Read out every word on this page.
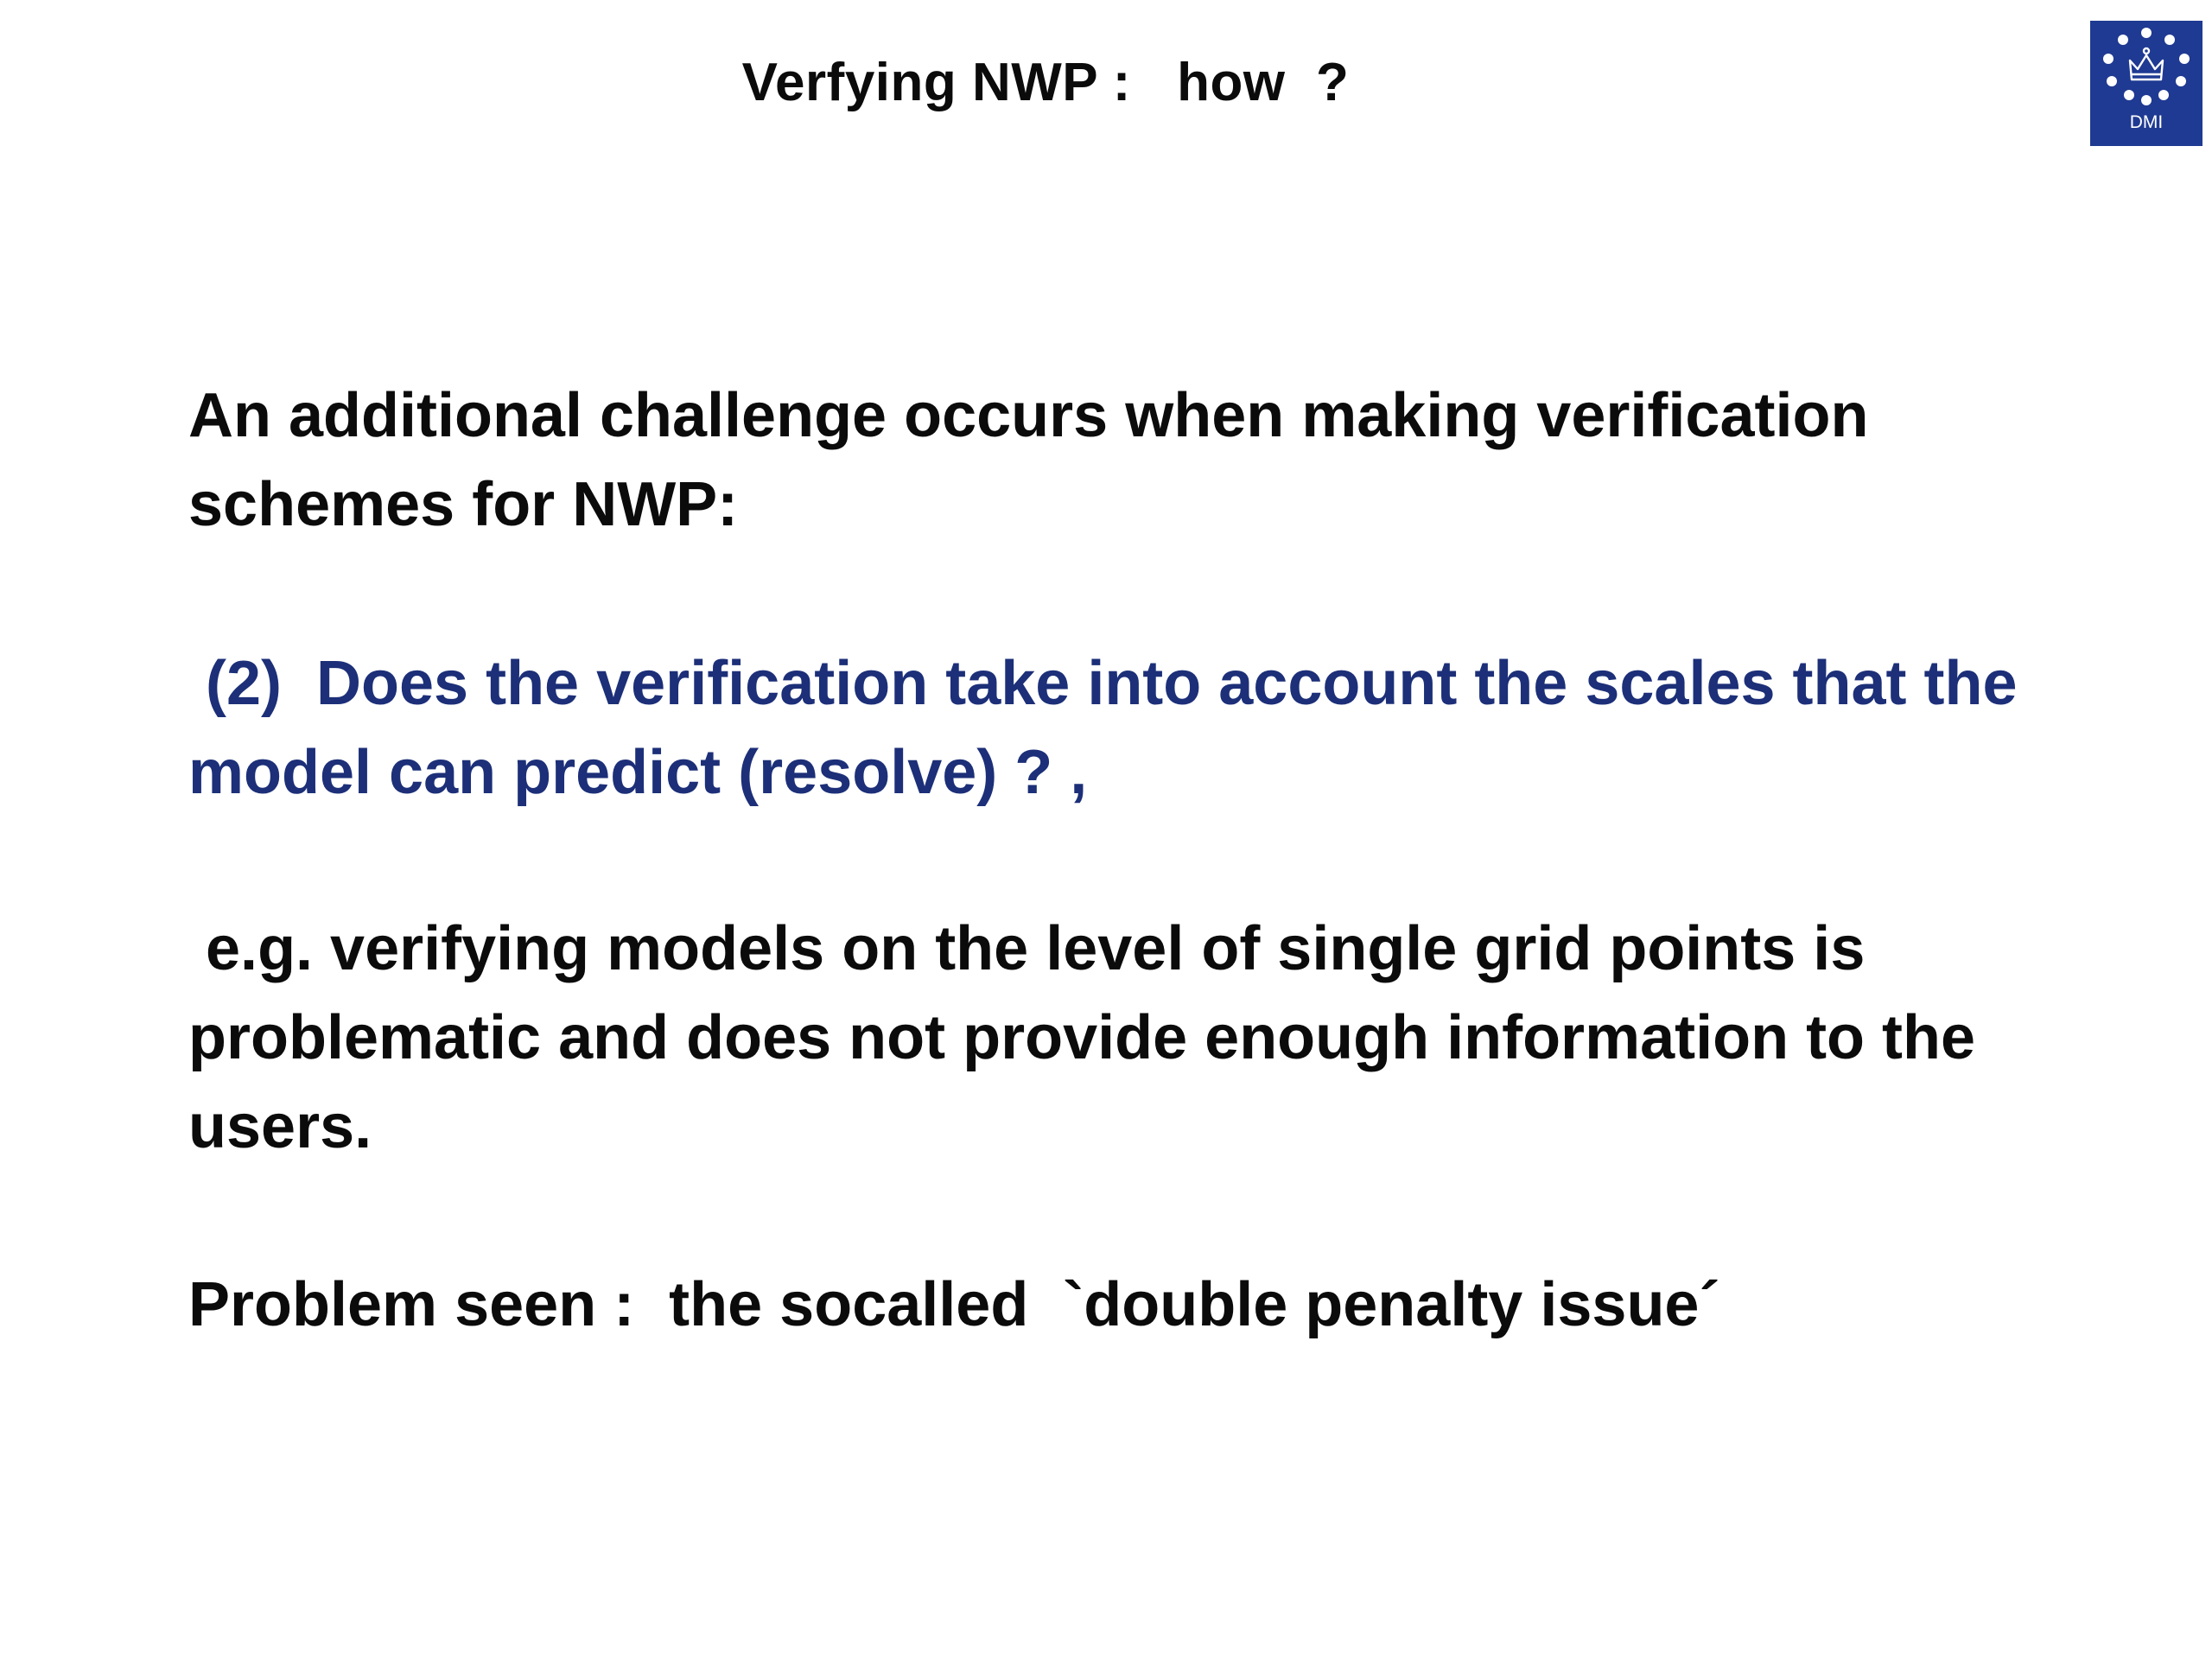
Verfying NWP :   how  ?
DMI

An additional challenge occurs when making verification schemes for NWP:

(2)  Does the verification take into account the scales that the model can predict (resolve) ? ,

e.g. verifying models on the level of single grid points is problematic and does not provide enough information to the users.

Problem seen :  the socalled  `double penalty issue´
